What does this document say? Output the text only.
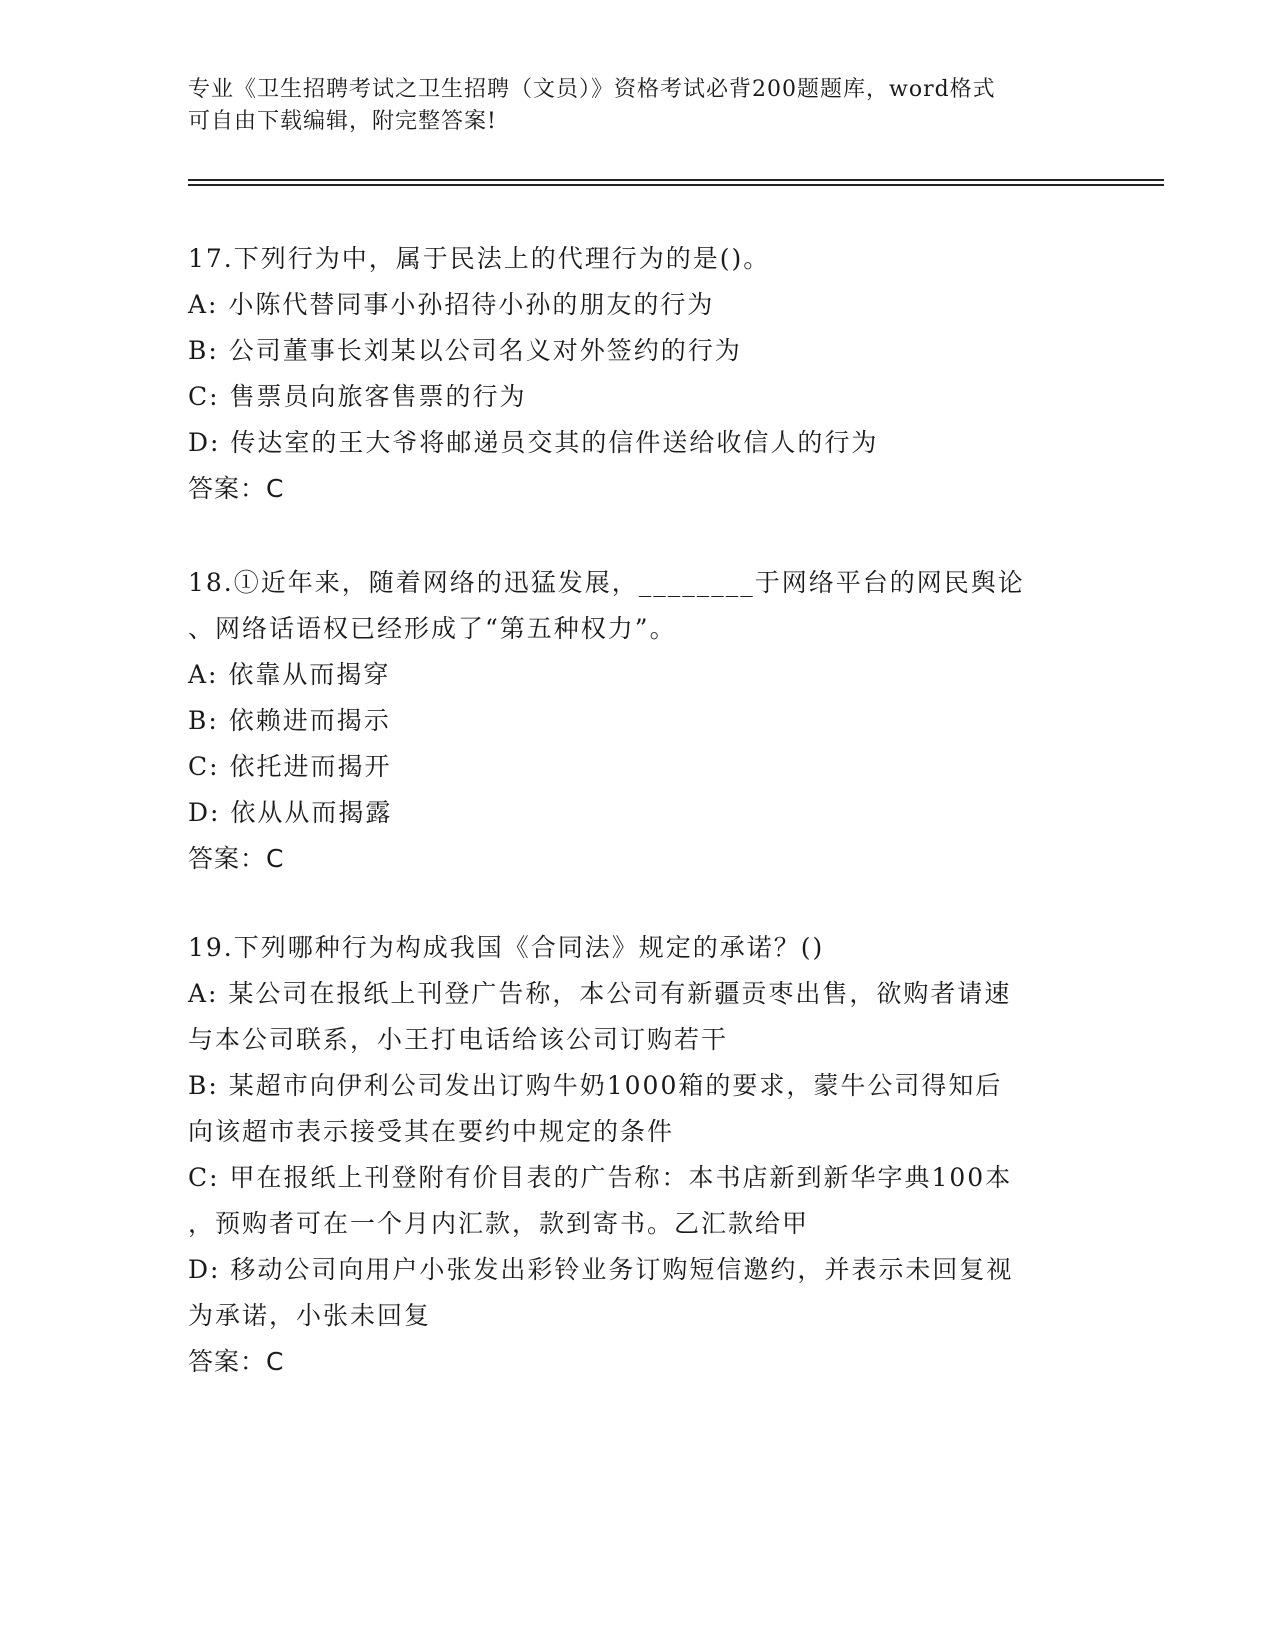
专业《卫生招聘考试之卫生招聘（文员）》资格考试必背200题题库，word格式
可自由下载编辑，附完整答案!
17.下列行为中，属于民法上的代理行为的是()。
A: 小陈代替同事小孙招待小孙的朋友的行为
B: 公司董事长刘某以公司名义对外签约的行为
C: 售票员向旅客售票的行为
D: 传达室的王大爷将邮递员交其的信件送给收信人的行为
答案：C
18.①近年来，随着网络的迅猛发展，________于网络平台的网民舆论
、网络话语权已经形成了“第五种权力”。
A: 依靠从而揭穿
B: 依赖进而揭示
C: 依托进而揭开
D: 依从从而揭露
答案：C
19.下列哪种行为构成我国《合同法》规定的承诺？()
A: 某公司在报纸上刊登广告称，本公司有新疆贡枣出售，欲购者请速
与本公司联系，小王打电话给该公司订购若干
B: 某超市向伊利公司发出订购牛奶1000箱的要求，蒙牛公司得知后
向该超市表示接受其在要约中规定的条件
C: 甲在报纸上刊登附有价目表的广告称：本书店新到新华字典100本
，预购者可在一个月内汇款，款到寄书。乙汇款给甲
D: 移动公司向用户小张发出彩铃业务订购短信邀约，并表示未回复视
为承诺，小张未回复
答案：C
